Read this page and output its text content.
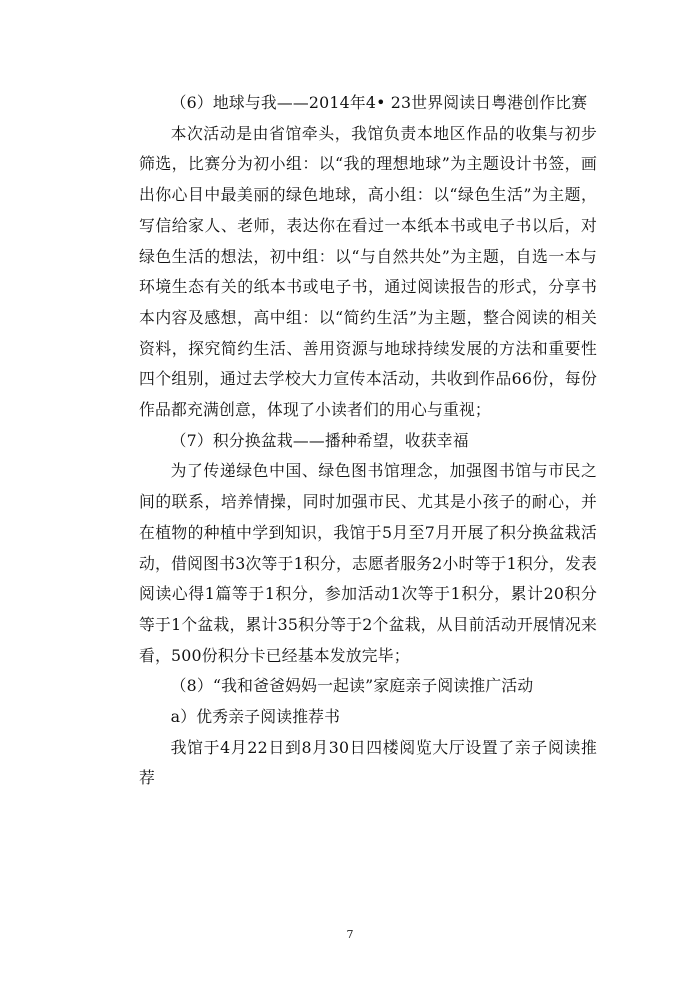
（6）地球与我——2014年4• 23世界阅读日粤港创作比赛

本次活动是由省馆牵头，我馆负责本地区作品的收集与初步筛选，比赛分为初小组：以“我的理想地球”为主题设计书签，画出你心目中最美丽的绿色地球，高小组：以“绿色生活”为主题，写信给家人、老师，表达你在看过一本纸本书或电子书以后，对绿色生活的想法，初中组：以“与自然共处”为主题，自选一本与环境生态有关的纸本书或电子书，通过阅读报告的形式，分享书本内容及感想，高中组：以“简约生活”为主题，整合阅读的相关资料，探究简约生活、善用资源与地球持续发展的方法和重要性四个组别，通过去学校大力宣传本活动，共收到作品66份，每份作品都充满创意，体现了小读者们的用心与重视；

（7）积分换盆栽——播种希望，收获幸福

为了传递绿色中国、绿色图书馆理念，加强图书馆与市民之间的联系，培养情操，同时加强市民、尤其是小孩子的耐心，并在植物的种植中学到知识，我馆于5月至7月开展了积分换盆栽活动，借阅图书3次等于1积分，志愿者服务2小时等于1积分，发表阅读心得1篇等于1积分，参加活动1次等于1积分，累计20积分等于1个盆栽，累计35积分等于2个盆栽，从目前活动开展情况来看，500份积分卡已经基本发放完毕；

（8）“我和爸爸妈妈一起读”家庭亲子阅读推广活动

a）优秀亲子阅读推荐书

我馆于4月22日到8月30日四楼阅览大厅设置了亲子阅读推荐

7
